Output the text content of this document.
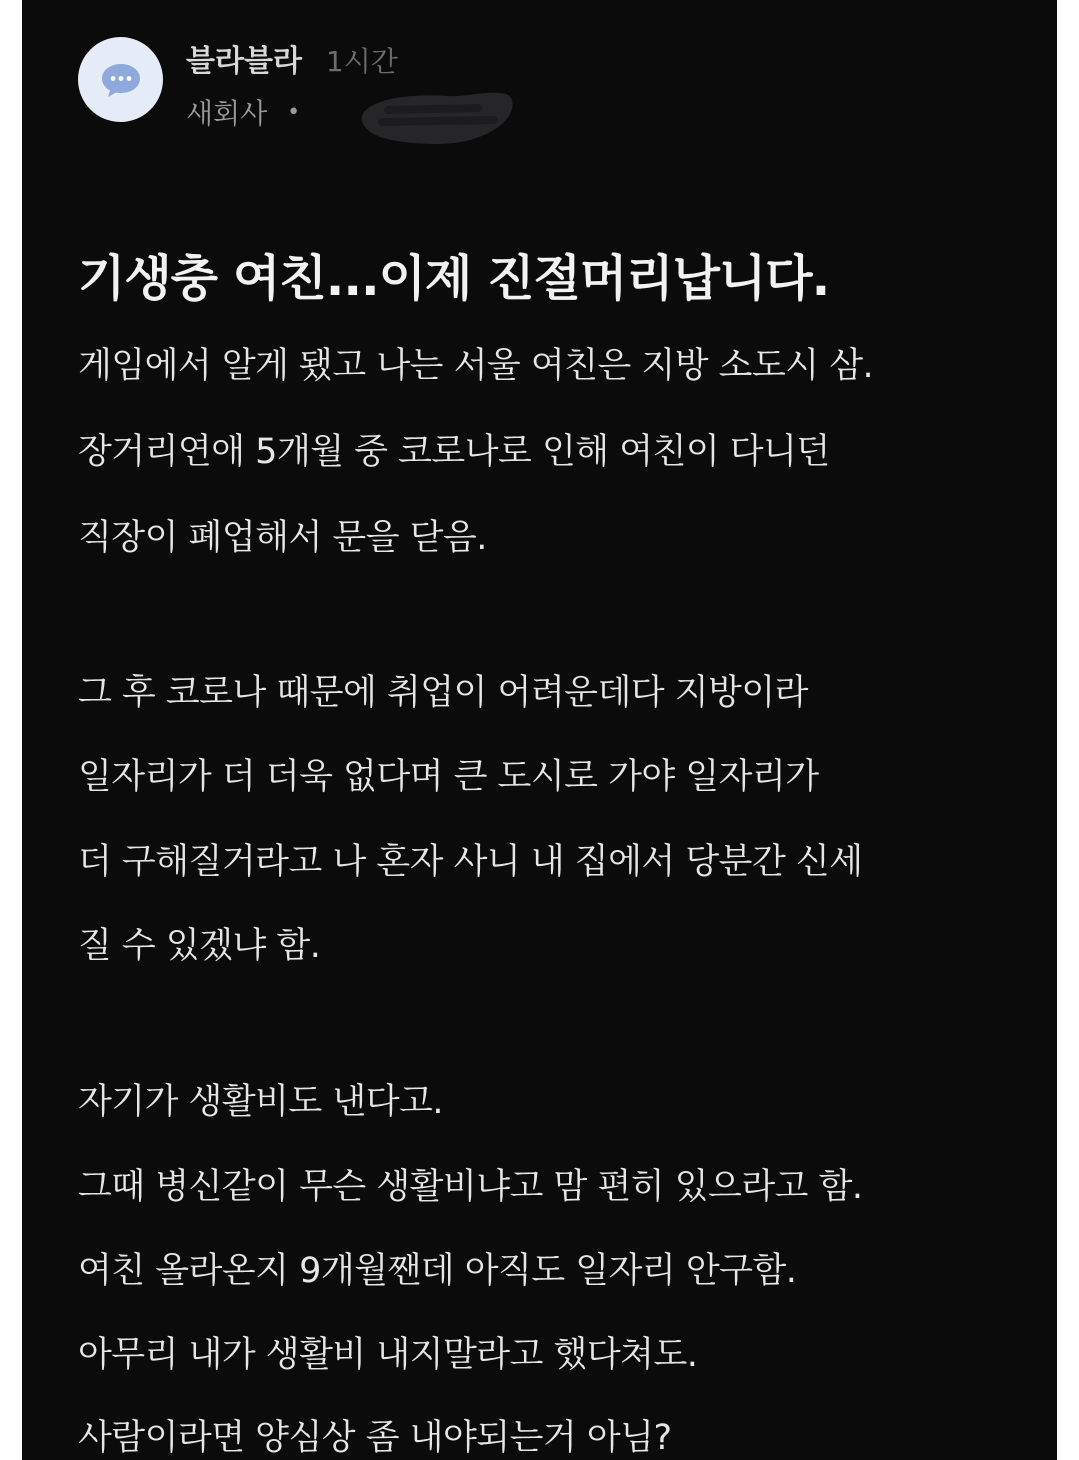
블라블라 1시간
새회사 •
기생충 여친...이제 진절머리납니다.

게임에서 알게 됐고 나는 서울 여친은 지방 소도시 삼.

장거리연애 5개월 중 코로나로 인해 여친이 다니던

직장이 폐업해서 문을 닫음.

그 후 코로나 때문에 취업이 어려운데다 지방이라

일자리가 더 더욱 없다며 큰 도시로 가야 일자리가

더 구해질거라고 나 혼자 사니 내 집에서 당분간 신세

질 수 있겠냐 함.

자기가 생활비도 낸다고.

그때 병신같이 무슨 생활비냐고 맘 편히 있으라고 함.

여친 올라온지 9개월짼데 아직도 일자리 안구함.

아무리 내가 생활비 내지말라고 했다쳐도.

사람이라면 양심상 좀 내야되는거 아님?
